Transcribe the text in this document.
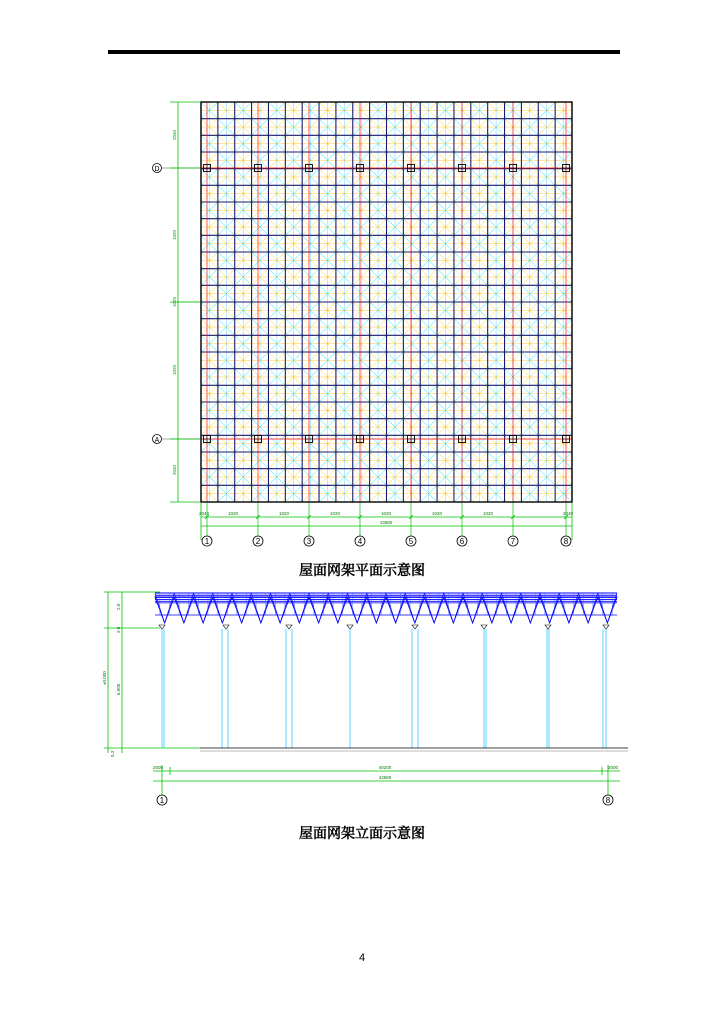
2040
1020
1020
1020
2040
D
A
2040	1020	1020	1020	1020	1020	1020	2040
43680
1	2	3	4	5	6	7	8
屋面网架平面示意图
2.0
2.0
6.500
±0.000
0.3
2000	40200	2000
43680
1	8
屋面网架立面示意图
4
